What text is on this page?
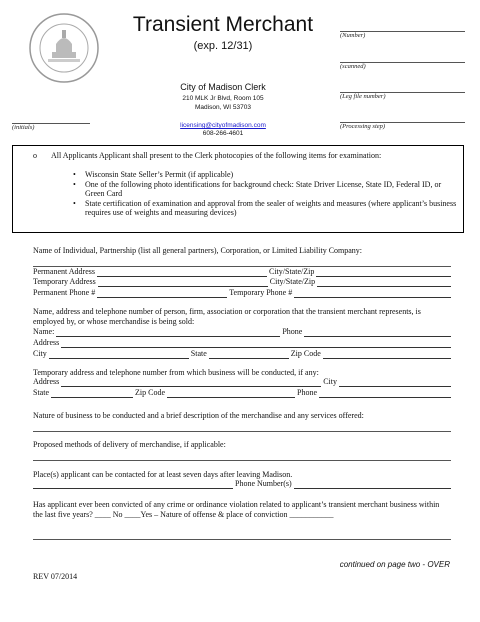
Transient Merchant
(exp. 12/31)
City of Madison Clerk
210 MLK Jr Blvd, Room 105
Madison, WI 53703
licensing@cityofmadison.com
608-266-4601
(initials)
(Number)
(scanned)
(Leg file number)
(Processing step)
o All Applicants Applicant shall present to the Clerk photocopies of the following items for examination:
•	Wisconsin State Seller’s Permit (if applicable)
•	One of the following photo identifications for background check: State Driver License, State ID, Federal ID, or Green Card
•	State certification of examination and approval from the sealer of weights and measures (where applicant’s business requires use of weights and measuring devices)
Name of Individual, Partnership (list all general partners), Corporation, or Limited Liability Company:
Permanent Address	City/State/Zip
Temporary Address	City/State/Zip
Permanent Phone #	Temporary Phone #
Name, address and telephone number of person, firm, association or corporation that the transient merchant represents, is employed by, or whose merchandise is being sold:
Name:	Phone
Address
City	State	Zip Code
Temporary address and telephone number from which business will be conducted, if any:
Address	City
State	Zip Code	Phone
Nature of business to be conducted and a brief description of the merchandise and any services offered:
Proposed methods of delivery of merchandise, if applicable:
Place(s) applicant can be contacted for at least seven days after leaving Madison.
Phone Number(s)
Has applicant ever been convicted of any crime or ordinance violation related to applicant’s transient merchant business within the last five years? ____ No ____Yes – Nature of offense & place of conviction ___________
continued on page two - OVER
REV 07/2014
